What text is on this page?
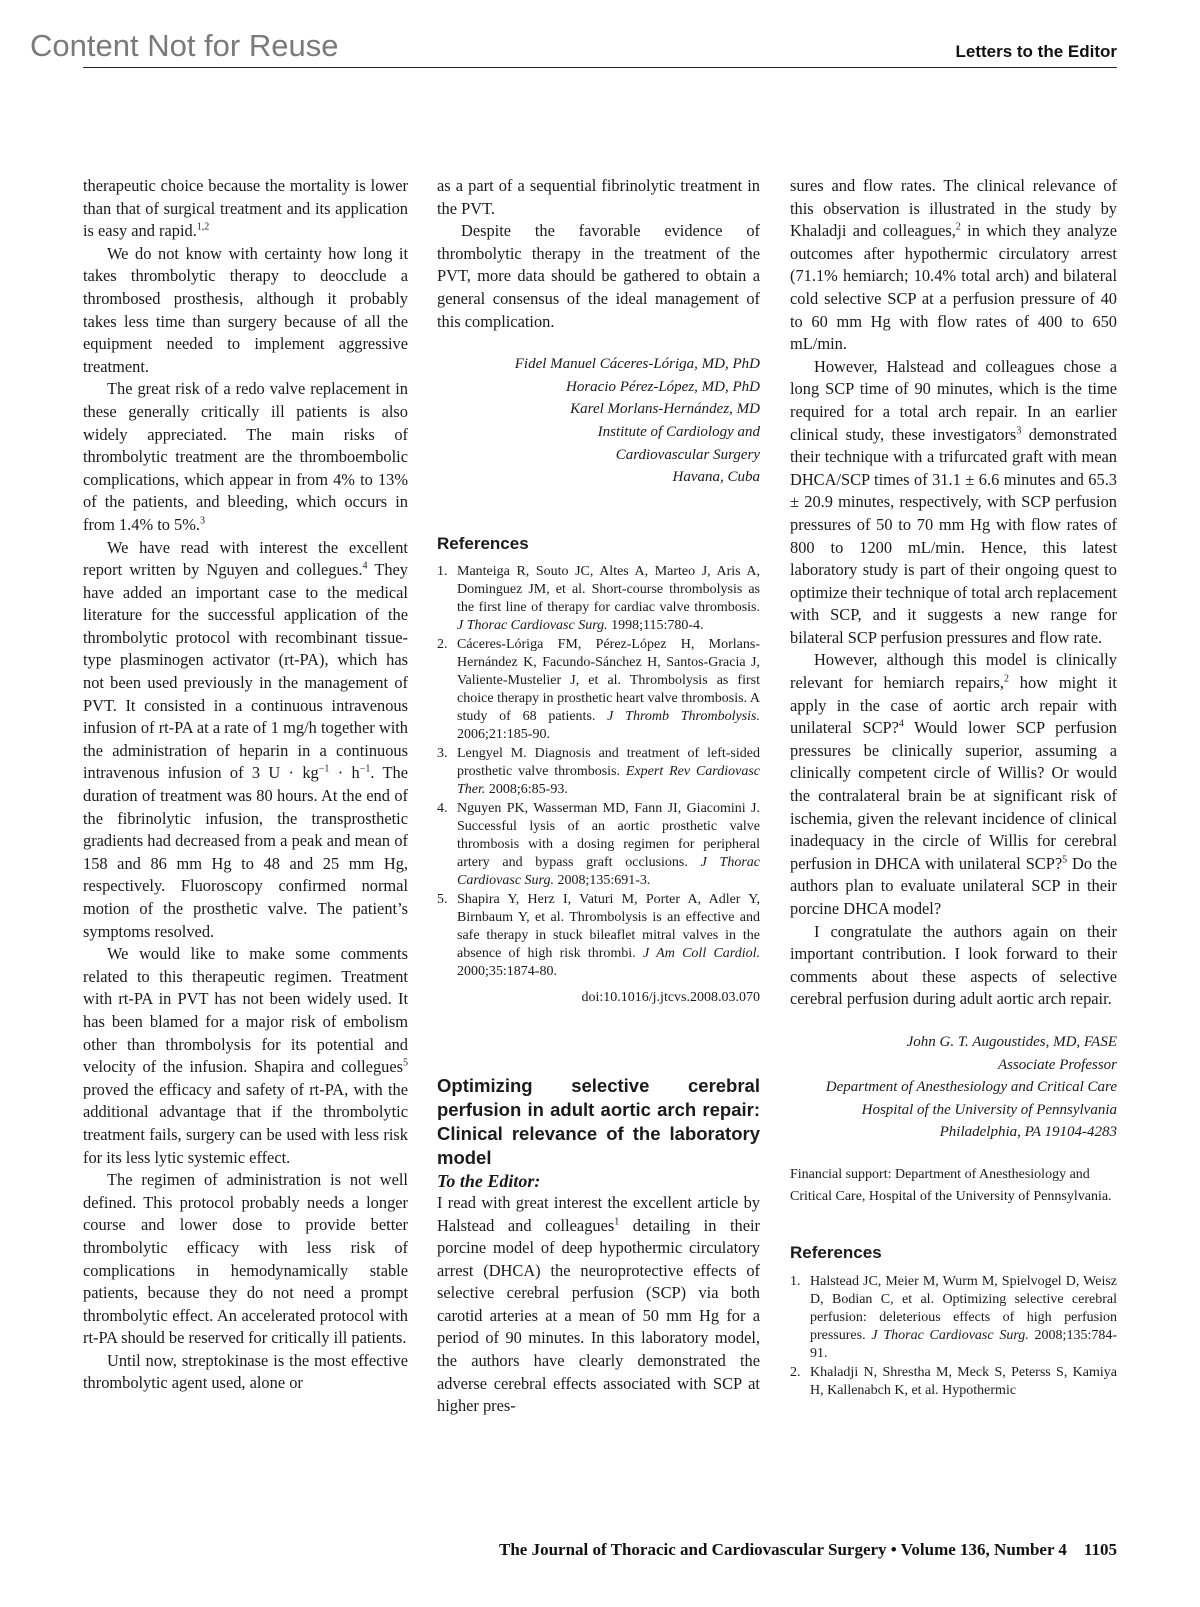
Content Not for Reuse	Letters to the Editor

therapeutic choice because the mortality is lower than that of surgical treatment and its application is easy and rapid.$^{1,2}$

We do not know with certainty how long it takes thrombolytic therapy to deocclude a thrombosed prosthesis, although it probably takes less time than surgery because of all the equipment needed to implement aggressive treatment.

The great risk of a redo valve replacement in these generally critically ill patients is also widely appreciated. The main risks of thrombolytic treatment are the thromboembolic complications, which appear in from 4% to 13% of the patients, and bleeding, which occurs in from 1.4% to 5%.$^3$

We have read with interest the excellent report written by Nguyen and collegues.$^4$ They have added an important case to the medical literature for the successful application of the thrombolytic protocol with recombinant tissue-type plasminogen activator (rt-PA), which has not been used previously in the management of PVT. It consisted in a continuous intravenous infusion of rt-PA at a rate of 1 mg/h together with the administration of heparin in a continuous intravenous infusion of 3 $U \cdot kg^{-1} \cdot h^{-1}$. The duration of treatment was 80 hours. At the end of the fibrinolytic infusion, the transprosthetic gradients had decreased from a peak and mean of 158 and 86 mm Hg to 48 and 25 mm Hg, respectively. Fluoroscopy confirmed normal motion of the prosthetic valve. The patient’s symptoms resolved.

We would like to make some comments related to this therapeutic regimen. Treatment with rt-PA in PVT has not been widely used. It has been blamed for a major risk of embolism other than thrombolysis for its potential and velocity of the infusion. Shapira and collegues$^5$ proved the efficacy and safety of rt-PA, with the additional advantage that if the thrombolytic treatment fails, surgery can be used with less risk for its less lytic systemic effect.

The regimen of administration is not well defined. This protocol probably needs a longer course and lower dose to provide better thrombolytic efficacy with less risk of complications in hemodynamically stable patients, because they do not need a prompt thrombolytic effect. An accelerated protocol with rt-PA should be reserved for critically ill patients.

Until now, streptokinase is the most effective thrombolytic agent used, alone or

as a part of a sequential fibrinolytic treatment in the PVT.

Despite the favorable evidence of thrombolytic therapy in the treatment of the PVT, more data should be gathered to obtain a general consensus of the ideal management of this complication.

Fidel Manuel Cáceres-Lóriga, MD, PhD
Horacio Pérez-López, MD, PhD
Karel Morlans-Hernández, MD
Institute of Cardiology and
Cardiovascular Surgery
Havana, Cuba
References
1. Manteiga R, Souto JC, Altes A, Marteo J, Aris A, Dominguez JM, et al. Short-course thrombolysis as the first line of therapy for cardiac valve thrombosis. J Thorac Cardiovasc Surg. 1998;115:780-4.
2. Cáceres-Lóriga FM, Pérez-López H, Morlans-Hernández K, Facundo-Sánchez H, Santos-Gracia J, Valiente-Mustelier J, et al. Thrombolysis as first choice therapy in prosthetic heart valve thrombosis. A study of 68 patients. J Thromb Thrombolysis. 2006;21:185-90.
3. Lengyel M. Diagnosis and treatment of left-sided prosthetic valve thrombosis. Expert Rev Cardiovasc Ther. 2008;6:85-93.
4. Nguyen PK, Wasserman MD, Fann JI, Giacomini J. Successful lysis of an aortic prosthetic valve thrombosis with a dosing regimen for peripheral artery and bypass graft occlusions. J Thorac Cardiovasc Surg. 2008;135:691-3.
5. Shapira Y, Herz I, Vaturi M, Porter A, Adler Y, Birnbaum Y, et al. Thrombolysis is an effective and safe therapy in stuck bileaflet mitral valves in the absence of high risk thrombi. J Am Coll Cardiol. 2000;35:1874-80.
doi:10.1016/j.jtcvs.2008.03.070
Optimizing selective cerebral perfusion in adult aortic arch repair: Clinical relevance of the laboratory model
To the Editor:

I read with great interest the excellent article by Halstead and colleagues$^1$ detailing in their porcine model of deep hypothermic circulatory arrest (DHCA) the neuroprotective effects of selective cerebral perfusion (SCP) via both carotid arteries at a mean of 50 mm Hg for a period of 90 minutes. In this laboratory model, the authors have clearly demonstrated the adverse cerebral effects associated with SCP at higher pres-

sures and flow rates. The clinical relevance of this observation is illustrated in the study by Khaladji and colleagues,$^2$ in which they analyze outcomes after hypothermic circulatory arrest (71.1% hemiarch; 10.4% total arch) and bilateral cold selective SCP at a perfusion pressure of 40 to 60 mm Hg with flow rates of 400 to 650 mL/min.

However, Halstead and colleagues chose a long SCP time of 90 minutes, which is the time required for a total arch repair. In an earlier clinical study, these investigators$^3$ demonstrated their technique with a trifurcated graft with mean DHCA/SCP times of 31.1 ± 6.6 minutes and 65.3 ± 20.9 minutes, respectively, with SCP perfusion pressures of 50 to 70 mm Hg with flow rates of 800 to 1200 mL/min. Hence, this latest laboratory study is part of their ongoing quest to optimize their technique of total arch replacement with SCP, and it suggests a new range for bilateral SCP perfusion pressures and flow rate.

However, although this model is clinically relevant for hemiarch repairs,$^2$ how might it apply in the case of aortic arch repair with unilateral SCP?$^4$ Would lower SCP perfusion pressures be clinically superior, assuming a clinically competent circle of Willis? Or would the contralateral brain be at significant risk of ischemia, given the relevant incidence of clinical inadequacy in the circle of Willis for cerebral perfusion in DHCA with unilateral SCP?$^5$ Do the authors plan to evaluate unilateral SCP in their porcine DHCA model?

I congratulate the authors again on their important contribution. I look forward to their comments about these aspects of selective cerebral perfusion during adult aortic arch repair.

John G. T. Augoustides, MD, FASE
Associate Professor
Department of Anesthesiology and Critical Care
Hospital of the University of Pennsylvania
Philadelphia, PA 19104-4283
Financial support: Department of Anesthesiology and Critical Care, Hospital of the University of Pennsylvania.
References
1. Halstead JC, Meier M, Wurm M, Spielvogel D, Weisz D, Bodian C, et al. Optimizing selective cerebral perfusion: deleterious effects of high perfusion pressures. J Thorac Cardiovasc Surg. 2008;135:784-91.
2. Khaladji N, Shrestha M, Meck S, Peterss S, Kamiya H, Kallenabch K, et al. Hypothermic
The Journal of Thoracic and Cardiovascular Surgery • Volume 136, Number 4    1105
